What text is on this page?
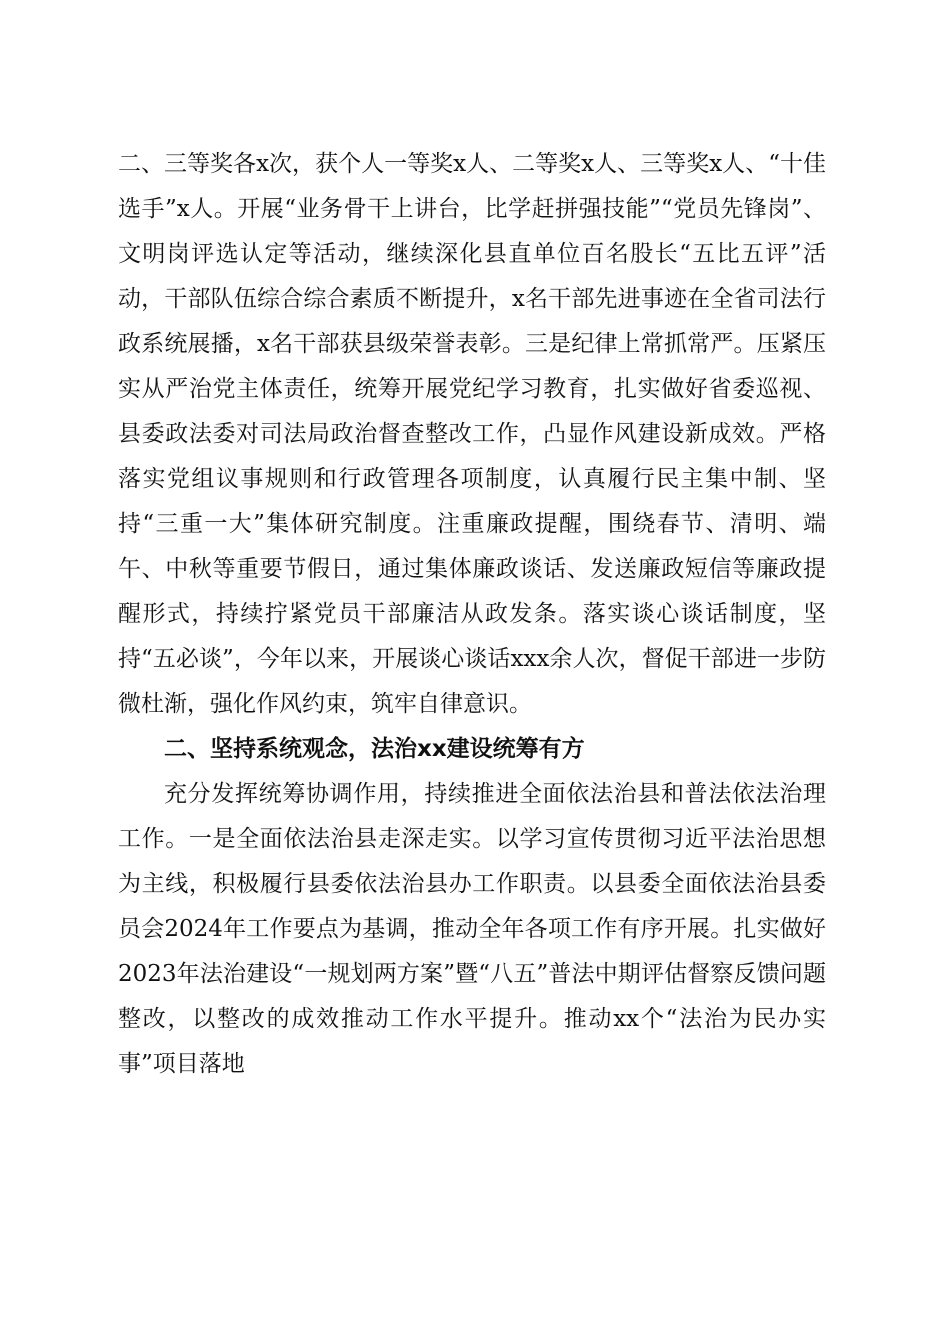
二、三等奖各x次，获个人一等奖x人、二等奖x人、三等奖x人、“十佳选手”x人。开展“业务骨干上讲台，比学赶拼强技能”“党员先锋岗”、文明岗评选认定等活动，继续深化县直单位百名股长“五比五评”活动，干部队伍综合综合素质不断提升，x名干部先进事迹在全省司法行政系统展播，x名干部获县级荣誉表彰。三是纪律上常抓常严。压紧压实从严治党主体责任，统筹开展党纪学习教育，扎实做好省委巡视、县委政法委对司法局政治督查整改工作，凸显作风建设新成效。严格落实党组议事规则和行政管理各项制度，认真履行民主集中制、坚持“三重一大”集体研究制度。注重廉政提醒，围绕春节、清明、端午、中秋等重要节假日，通过集体廉政谈话、发送廉政短信等廉政提醒形式，持续拧紧党员干部廉洁从政发条。落实谈心谈话制度，坚持“五必谈”，今年以来，开展谈心谈话xxx余人次，督促干部进一步防微杜渐，强化作风约束，筑牢自律意识。

二、坚持系统观念，法治xx建设统筹有方

充分发挥统筹协调作用，持续推进全面依法治县和普法依法治理工作。一是全面依法治县走深走实。以学习宣传贯彻习近平法治思想为主线，积极履行县委依法治县办工作职责。以县委全面依法治县委员会2024年工作要点为基调，推动全年各项工作有序开展。扎实做好2023年法治建设“一规划两方案”暨“八五”普法中期评估督察反馈问题整改，以整改的成效推动工作水平提升。推动xx个“法治为民办实事”项目落地
